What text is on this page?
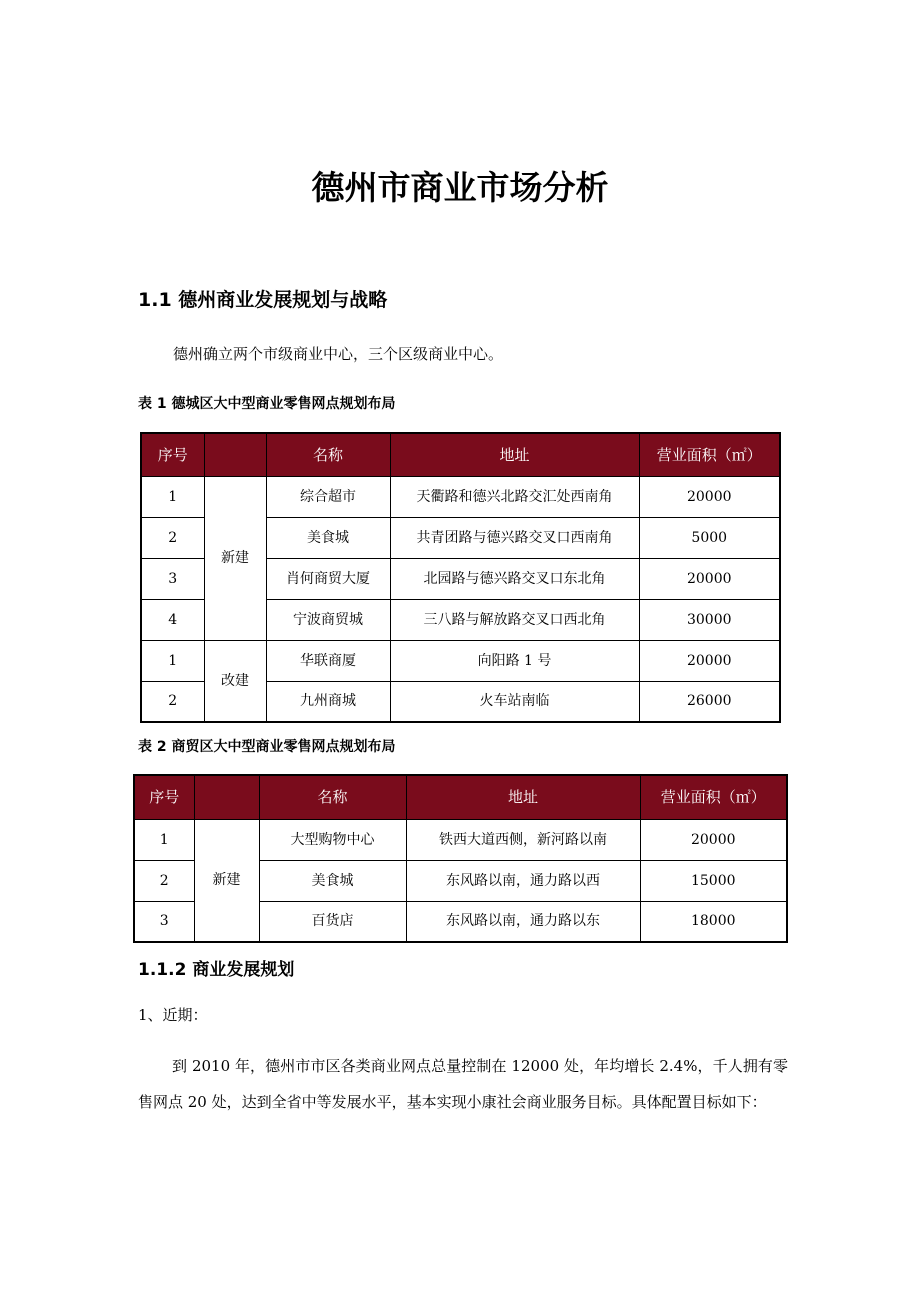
德州市商业市场分析
1.1 德州商业发展规划与战略

德州确立两个市级商业中心，三个区级商业中心。

表 1 德城区大中型商业零售网点规划布局

序号		名称	地址	营业面积（㎡）
1	新建	综合超市	天衢路和德兴北路交汇处西南角	20000
2		美食城	共青团路与德兴路交叉口西南角	5000
3		肖何商贸大厦	北园路与德兴路交叉口东北角	20000
4		宁波商贸城	三八路与解放路交叉口西北角	30000
1	改建	华联商厦	向阳路 1 号	20000
2		九州商城	火车站南临	26000

表 2 商贸区大中型商业零售网点规划布局

序号		名称	地址	营业面积（㎡）
1	新建	大型购物中心	铁西大道西侧，新河路以南	20000
2		美食城	东风路以南，通力路以西	15000
3		百货店	东风路以南，通力路以东	18000
1.1.2 商业发展规划

1、近期：

到 2010 年，德州市市区各类商业网点总量控制在 12000 处，年均增长 2.4%，千人拥有零售网点 20 处，达到全省中等发展水平，基本实现小康社会商业服务目标。具体配置目标如下：
